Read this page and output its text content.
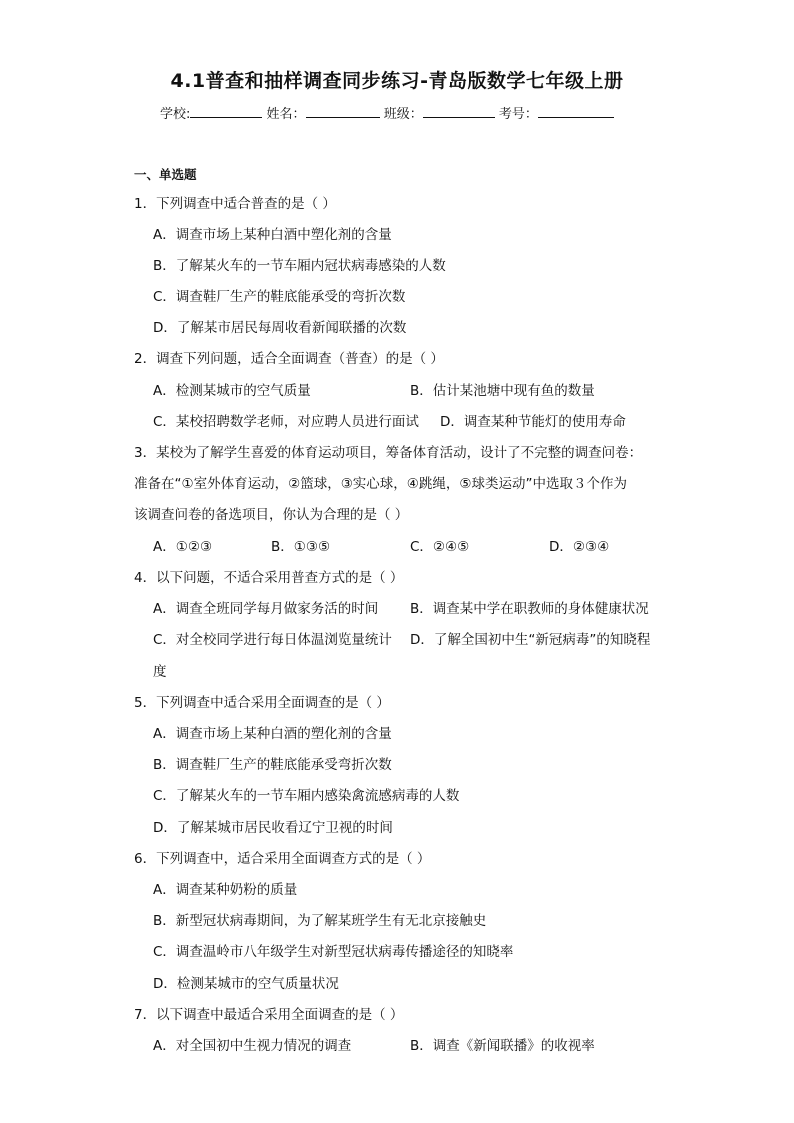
4.1普查和抽样调查同步练习-青岛版数学七年级上册
学校:	姓名：	班级：	考号：
一、单选题
1．下列调查中适合普查的是（ ）
A．调查市场上某种白酒中塑化剂的含量
B．了解某火车的一节车厢内冠状病毒感染的人数
C．调查鞋厂生产的鞋底能承受的弯折次数
D．了解某市居民每周收看新闻联播的次数
2．调查下列问题，适合全面调查（普查）的是（ ）
A．检测某城市的空气质量	B．估计某池塘中现有鱼的数量
C．某校招聘数学老师，对应聘人员进行面试 D．调查某种节能灯的使用寿命
3．某校为了解学生喜爱的体育运动项目，筹备体育活动，设计了不完整的调查问卷：
准备在“①室外体育运动，②篮球，③实心球，④跳绳，⑤球类运动”中选取３个作为
该调查问卷的备选项目，你认为合理的是（ ）
A．①②③	B．①③⑤	C．②④⑤	D．②③④
4．以下问题，不适合采用普查方式的是（ ）
A．调查全班同学每月做家务活的时间 B．调查某中学在职教师的身体健康状况
C．对全校同学进行每日体温浏览量统计 D．了解全国初中生“新冠病毒”的知晓程
度
5．下列调查中适合采用全面调查的是（ ）
A．调查市场上某种白酒的塑化剂的含量
B．调查鞋厂生产的鞋底能承受弯折次数
C．了解某火车的一节车厢内感染禽流感病毒的人数
D．了解某城市居民收看辽宁卫视的时间
6．下列调查中，适合采用全面调查方式的是（ ）
A．调查某种奶粉的质量
B．新型冠状病毒期间，为了解某班学生有无北京接触史
C．调查温岭市八年级学生对新型冠状病毒传播途径的知晓率
D．检测某城市的空气质量状况
7．以下调查中最适合采用全面调查的是（ ）
A．对全国初中生视力情况的调查	B．调查《新闻联播》的收视率
